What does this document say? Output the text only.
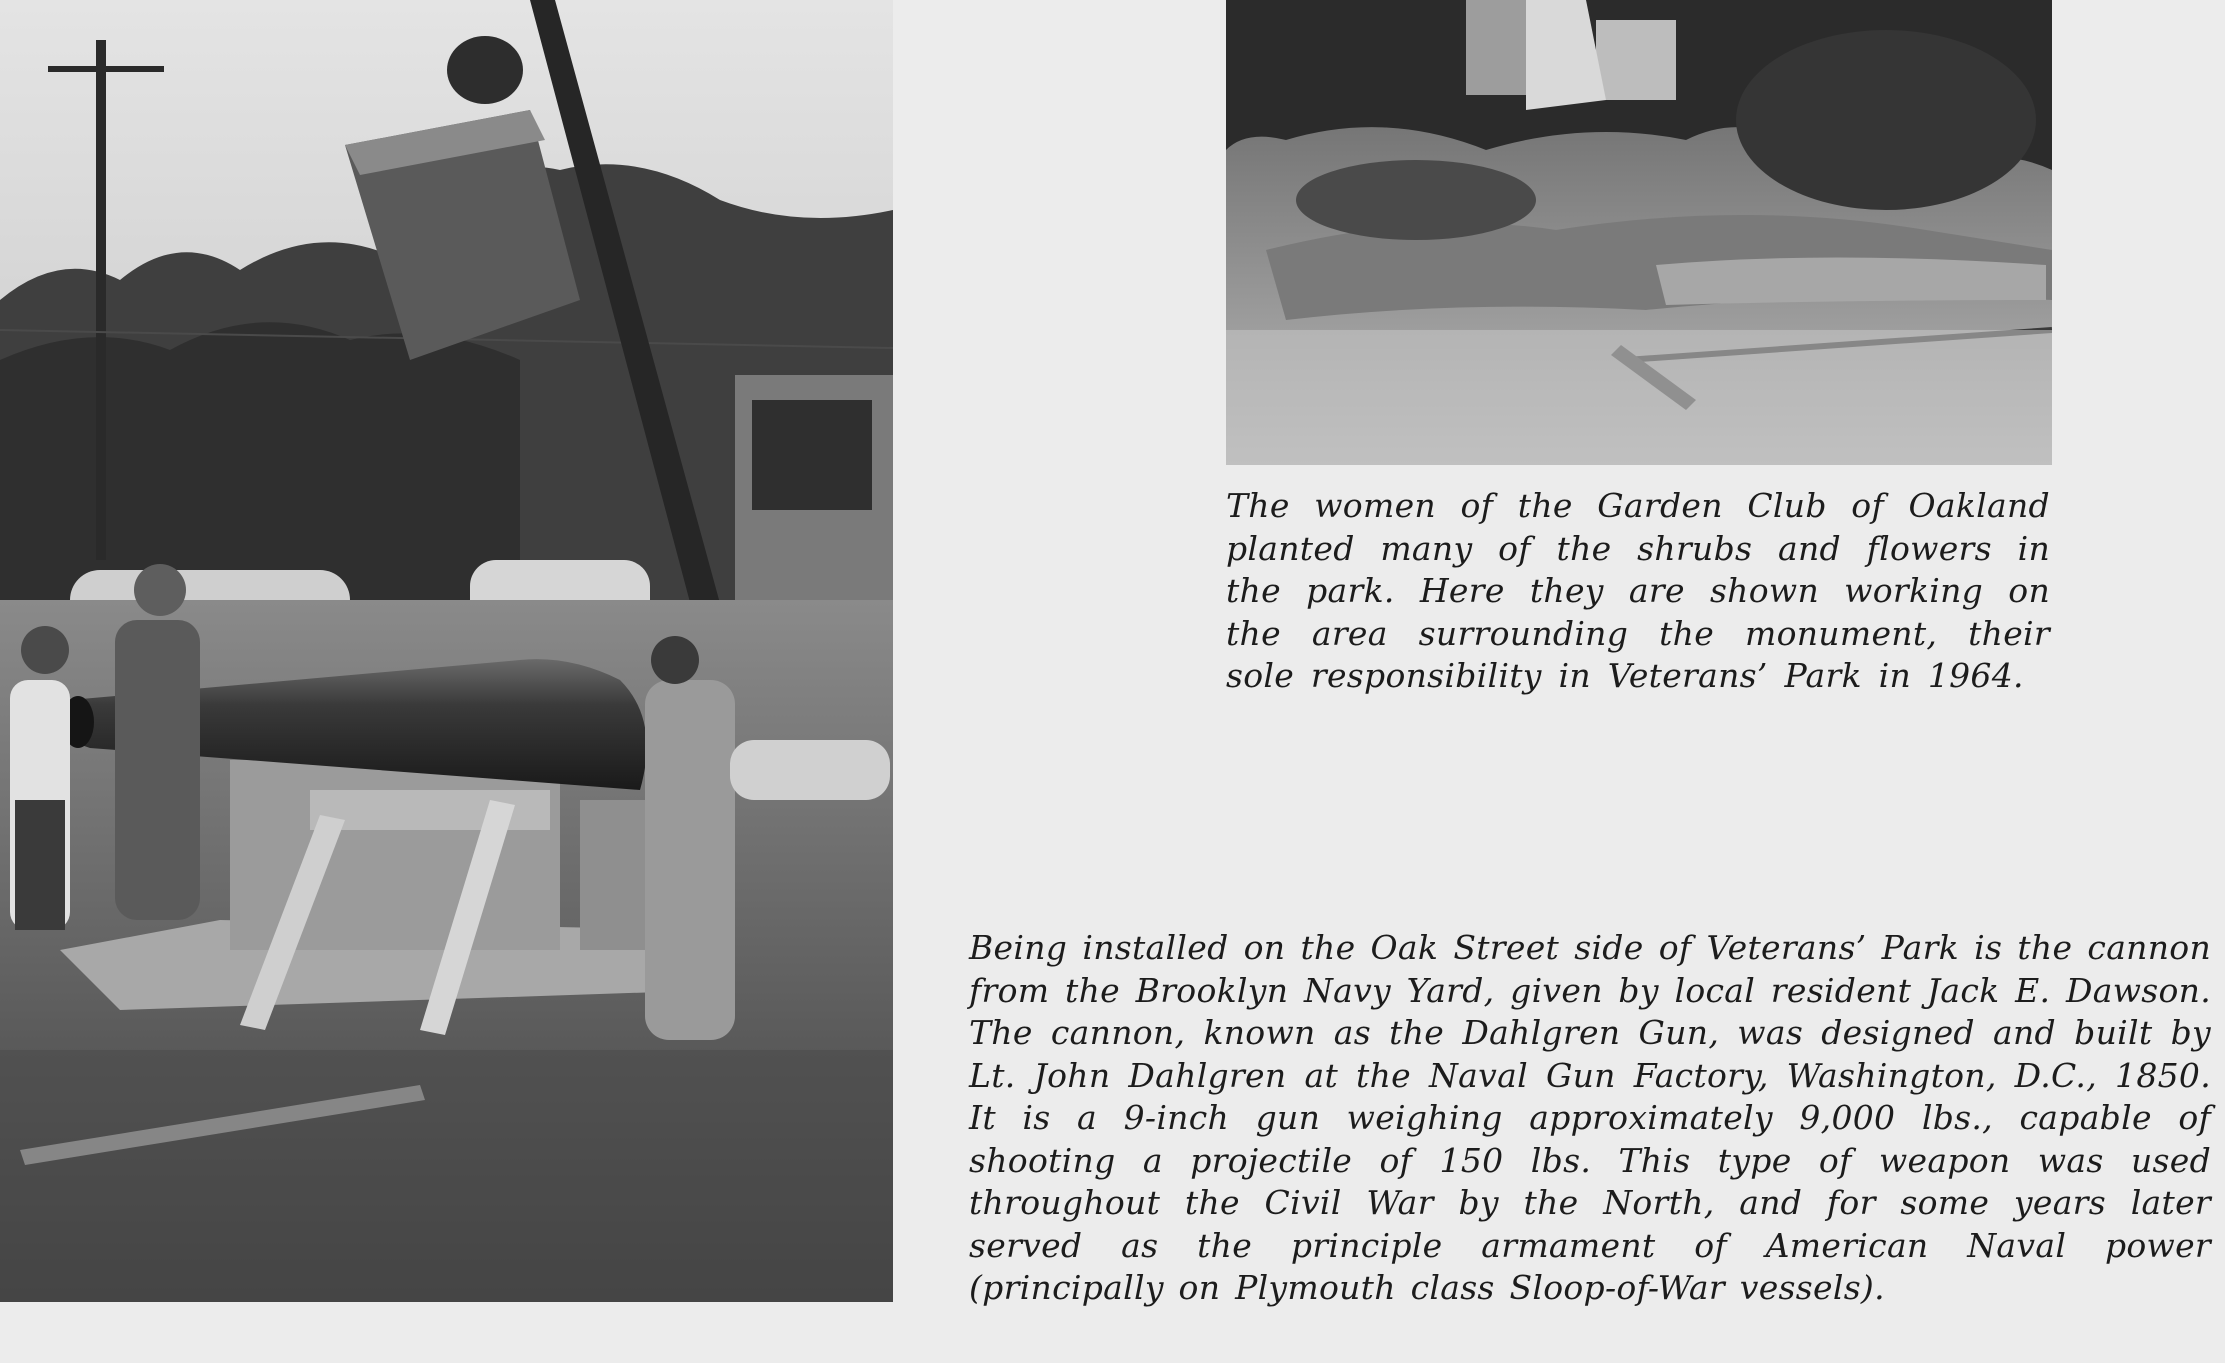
The women of the Garden Club of Oakland planted many of the shrubs and flowers in the park. Here they are shown working on the area surrounding the monument, their sole responsibility in Veterans’ Park in 1964.

Being installed on the Oak Street side of Veterans’ Park is the cannon from the Brooklyn Navy Yard, given by local resident Jack E. Dawson. The cannon, known as the Dahlgren Gun, was designed and built by Lt. John Dahlgren at the Naval Gun Factory, Washington, D.C., 1850. It is a 9-inch gun weighing approximately 9,000 lbs., capable of shooting a projectile of 150 lbs. This type of weapon was used throughout the Civil War by the North, and for some years later served as the principle armament of American Naval power (principally on Plymouth class Sloop-of-War vessels).
